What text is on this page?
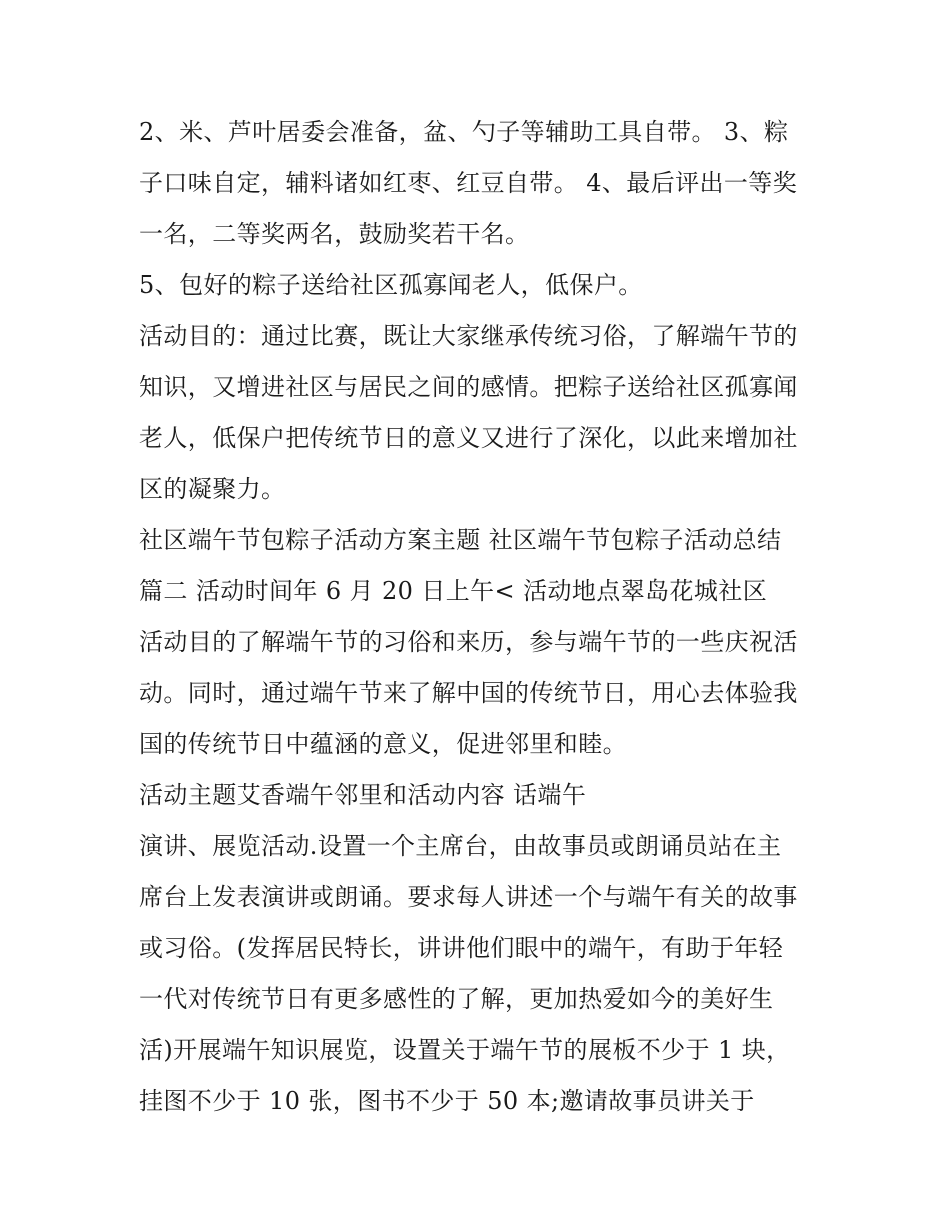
2、米、芦叶居委会准备，盆、勺子等辅助工具自带。 3、粽
子口味自定，辅料诸如红枣、红豆自带。 4、最后评出一等奖
一名，二等奖两名，鼓励奖若干名。
5、包好的粽子送给社区孤寡闻老人，低保户。
活动目的：通过比赛，既让大家继承传统习俗，了解端午节的
知识，又增进社区与居民之间的感情。把粽子送给社区孤寡闻
老人，低保户把传统节日的意义又进行了深化，以此来增加社
区的凝聚力。
社区端午节包粽子活动方案主题 社区端午节包粽子活动总结
篇二 活动时间年 6 月 20 日上午< 活动地点翠岛花城社区
活动目的了解端午节的习俗和来历，参与端午节的一些庆祝活
动。同时，通过端午节来了解中国的传统节日，用心去体验我
国的传统节日中蕴涵的意义，促进邻里和睦。
活动主题艾香端午邻里和活动内容 话端午
演讲、展览活动.设置一个主席台，由故事员或朗诵员站在主
席台上发表演讲或朗诵。要求每人讲述一个与端午有关的故事
或习俗。(发挥居民特长，讲讲他们眼中的端午，有助于年轻
一代对传统节日有更多感性的了解，更加热爱如今的美好生
活)开展端午知识展览，设置关于端午节的展板不少于 1 块，
挂图不少于 10 张，图书不少于 50 本;邀请故事员讲关于
